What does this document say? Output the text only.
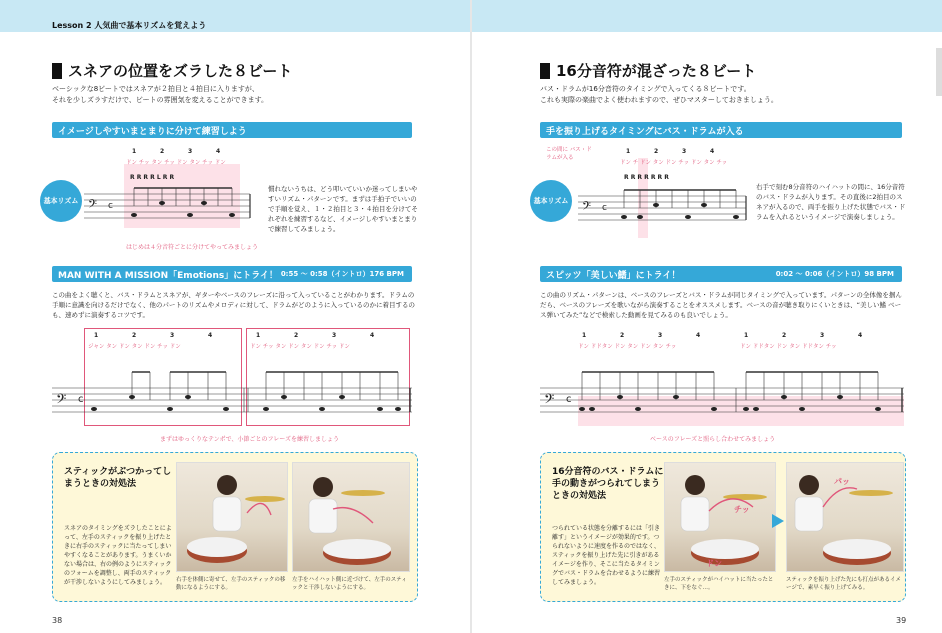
Lesson 2 人気曲で基本リズムを覚えよう
スネアの位置をズラした８ビート
ベーシックな8ビートではスネアが２拍目と４拍目に入りますが、
それを少しズラすだけで、ビートの雰囲気を変えることができます。
イメージしやすいまとまりに分けて練習しよう
基本リズム
1	2	3	4
ドン チッ タン チッ ドン タン チッ ドン
R R R R L R R
𝄢 c
はじめは４分音符ごとに分けてやってみましょう
慣れないうちは、どう叩いていいか迷ってしまいやすいリズム・パターンです。まずは手拍子でいいので手順を覚え、１・２拍目と３・４拍目を分けてそれぞれを練習するなど、イメージしやすいまとまりで練習してみましょう。
MAN WITH A MISSION「Emotions」にトライ！ 0:55 ～ 0:58（イントロ）176 BPM
この曲をよく聴くと、バス・ドラムとスネアが、ギターやベースのフレーズに沿って入っていることがわかります。ドラムの手順に意識を向けるだけでなく、他のパートのリズムやメロディに対して、ドラムがどのように入っているのかに着目するのも、速めずに演奏するコツです。
1	2	3	4	1	2	3	4
ジャン タン ドン タン ドン チッ ドン	ドン チッ タン ドン タン ドン チッ ドン
𝄢 c
まずはゆっくりなテンポで、小節ごとのフレーズを練習しましょう
スティックがぶつかってしまうときの対処法
スネアのタイミングをズラしたことによって、左手のスティックを振り上げたときに右手のスティックに当たってしまいやすくなることがあります。うまくいかない場合は、右の例のようにスティックのフォームを調整し、両手のスティックが干渉しないようにしてみましょう。	右手を体側に寄せて、左手のスティックの移動になるようにする。
左手をハイハット側に近づけて、左手のスティックと干渉しないようにする。
38
16分音符が混ざった８ビート
バス・ドラムが16分音符のタイミングで入ってくる８ビートです。
これも実際の楽曲でよく使われますので、ぜひマスターしておきましょう。
手を振り上げるタイミングにバス・ドラムが入る
基本リズム
この間に バス・ドラムが入る
1	2	3	4
ドン チ ドン タン ドン チッ ドン タン チッ
R R R R R R R
𝄢 c
右手で刻む8分音符のハイハットの間に、16分音符のバス・ドラムが入ります。その直後に2拍目のスネアが入るので、両手を振り上げた状態でバス・ドラムを入れるというイメージで演奏しましょう。
スピッツ「美しい鰭」にトライ！	0:02 ～ 0:06（イントロ）98 BPM
この曲のリズム・パターンは、ベースのフレーズとバス・ドラムが同じタイミングで入っています。パターンの全体像を掴んだら、ベースのフレーズを歌いながら演奏することをオススメします。ベースの音が聴き取りにくいときは、“美しい鰭 ベース弾いてみた”などで検索した動画を見てみるのも良いでしょう。
1	2	3	4	1	2	3	4
ドン ドドタン ドン タン ドン タン チッ	ドン ドドタン ドン タン ドドタン チッ
𝄢 c
ベースのフレーズと照らし合わせてみましょう
16分音符のバス・ドラムに手の動きがつられてしまうときの対処法
つられている状態を分離するには「引き離す」というイメージが効果的です。つられないように速度を作るのではなく、スティックを振り上げた先に引きがあるイメージを作り、そこに当たるタイミングでバス・ドラムを合わせるように練習してみましょう。
チッ
ドン
パッ
左手のスティックがハイハットに当たったときに、下をなぐ…。
スティックを振り上げた先にも打点があるイメージで、素早く振り上げてみる。
39
